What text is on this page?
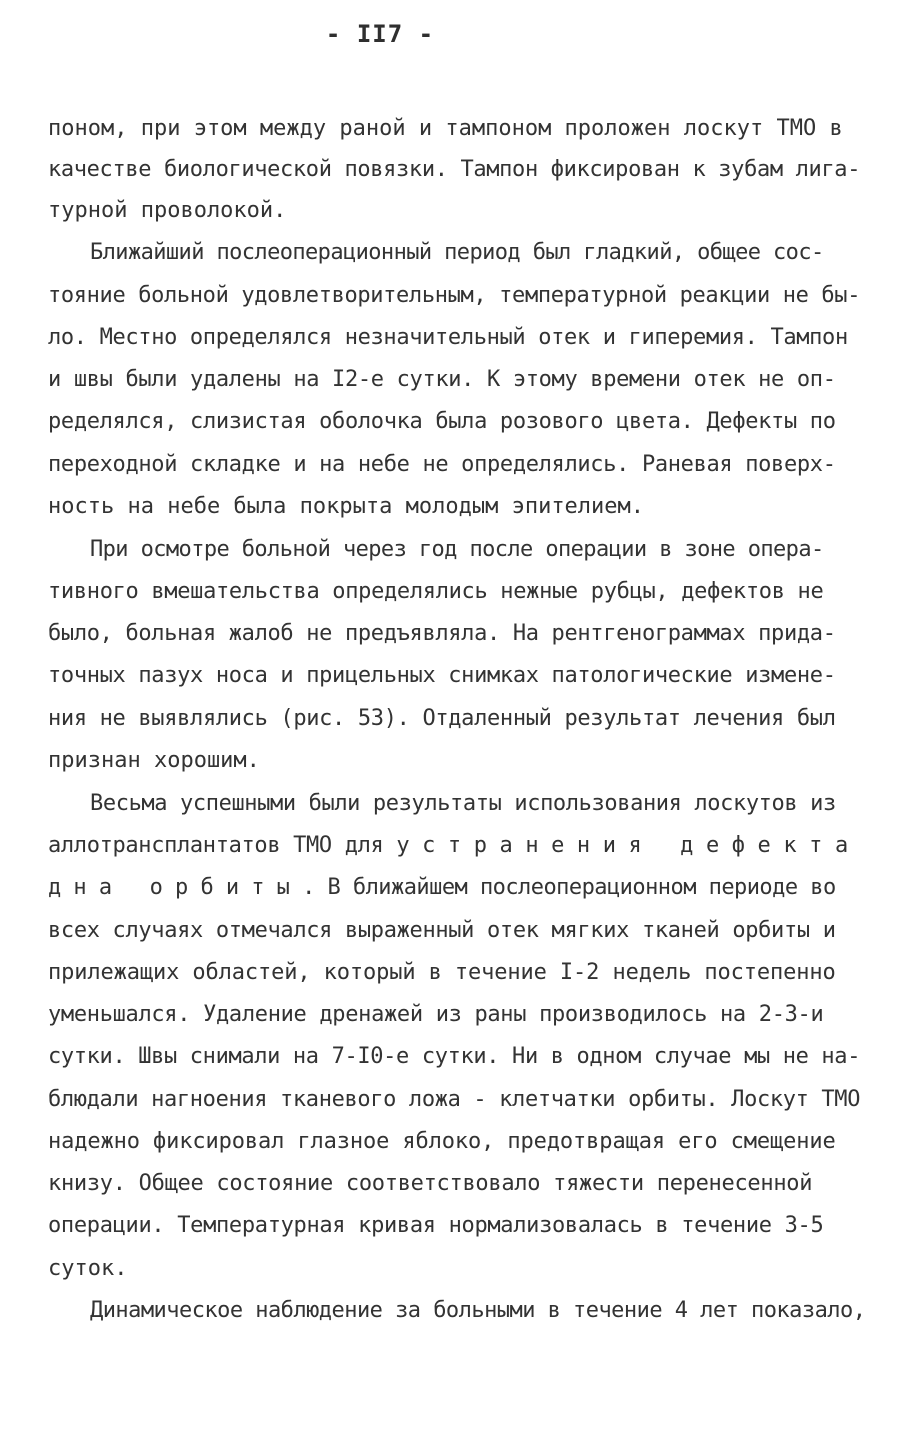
- II7 -
поном, при этом между раной и тампоном проложен лоскут ТМО в
качестве биологической повязки. Тампон фиксирован к зубам лига-
турной проволокой.
Ближайший послеоперационный период был гладкий, общее сос-
тояние больной удовлетворительным, температурной реакции не бы-
ло. Местно определялся незначительный отек и гиперемия. Тампон
и швы были удалены на I2-е сутки. К этому времени отек не оп-
ределялся, слизистая оболочка была розового цвета. Дефекты по
переходной складке и на небе не определялись. Раневая поверх-
ность на небе была покрыта молодым эпителием.
При осмотре больной через год после операции в зоне опера-
тивного вмешательства определялись нежные рубцы, дефектов не
было, больная жалоб не предъявляла. На рентгенограммах прида-
точных пазух носа и прицельных снимках патологические измене-
ния не выявлялись (рис. 53). Отдаленный результат лечения был
признан хорошим.
Весьма успешными были результаты использования лоскутов из
аллотрансплантатов ТМО для у с т р а н е н и я   д е ф е к т а
д н а   о р б и т ы . В ближайшем послеоперационном периоде во
всех случаях отмечался выраженный отек мягких тканей орбиты и
прилежащих областей, который в течение I-2 недель постепенно
уменьшался. Удаление дренажей из раны производилось на 2-3-и
сутки. Швы снимали на 7-I0-е сутки. Ни в одном случае мы не на-
блюдали нагноения тканевого ложа - клетчатки орбиты. Лоскут ТМО
надежно фиксировал глазное яблоко, предотвращая его смещение
книзу. Общее состояние соответствовало тяжести перенесенной
операции. Температурная кривая нормализовалась в течение 3-5
суток.
Динамическое наблюдение за больными в течение 4 лет показало,
